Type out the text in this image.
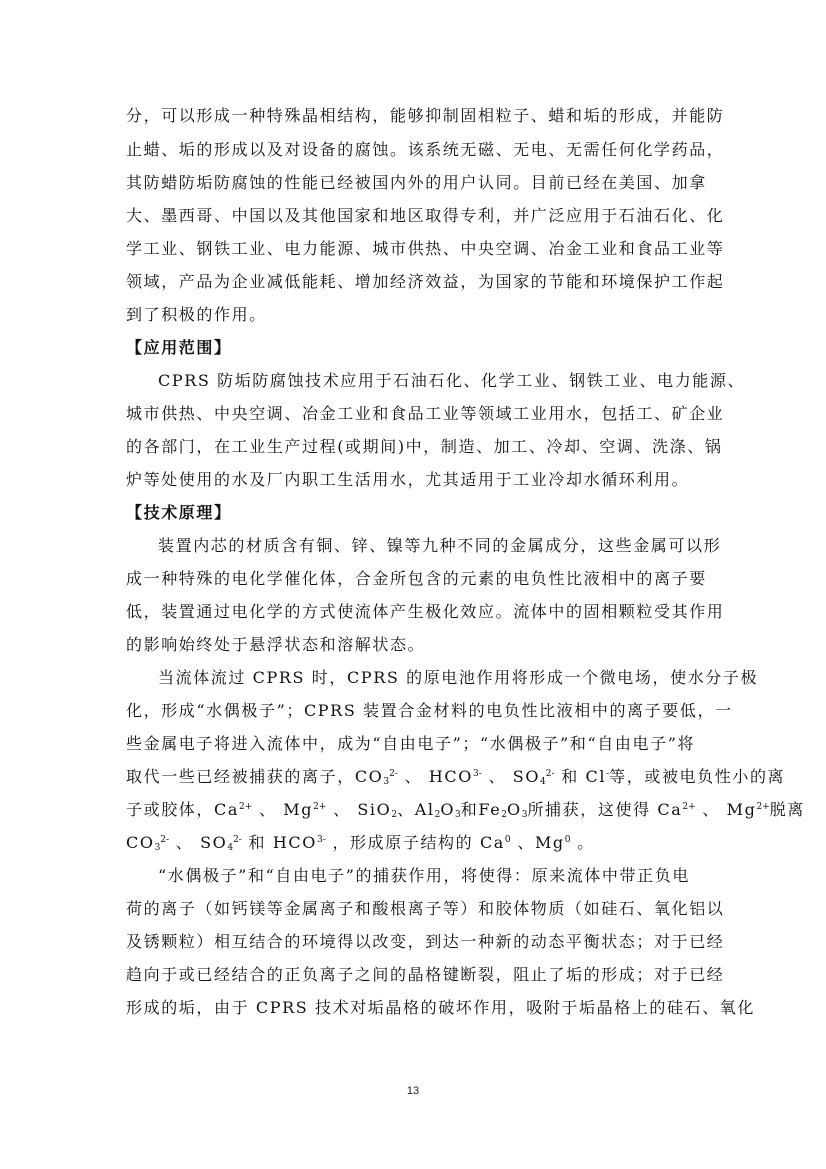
分，可以形成一种特殊晶相结构，能够抑制固相粒子、蜡和垢的形成，并能防
止蜡、垢的形成以及对设备的腐蚀。该系统无磁、无电、无需任何化学药品，
其防蜡防垢防腐蚀的性能已经被国内外的用户认同。目前已经在美国、加拿
大、墨西哥、中国以及其他国家和地区取得专利，并广泛应用于石油石化、化
学工业、钢铁工业、电力能源、城市供热、中央空调、冶金工业和食品工业等
领域，产品为企业减低能耗、增加经济效益，为国家的节能和环境保护工作起
到了积极的作用。
【应用范围】
CPRS 防垢防腐蚀技术应用于石油石化、化学工业、钢铁工业、电力能源、
城市供热、中央空调、冶金工业和食品工业等领域工业用水，包括工、矿企业
的各部门，在工业生产过程(或期间)中，制造、加工、冷却、空调、洗涤、锅
炉等处使用的水及厂内职工生活用水，尤其适用于工业冷却水循环利用。
【技术原理】
装置内芯的材质含有铜、锌、镍等九种不同的金属成分，这些金属可以形
成一种特殊的电化学催化体，合金所包含的元素的电负性比液相中的离子要
低，装置通过电化学的方式使流体产生极化效应。流体中的固相颗粒受其作用
的影响始终处于悬浮状态和溶解状态。
当流体流过 CPRS 时，CPRS 的原电池作用将形成一个微电场，使水分子极
化，形成“水偶极子”；CPRS 装置合金材料的电负性比液相中的离子要低，一
些金属电子将进入流体中，成为“自由电子”；“水偶极子”和“自由电子”将
取代一些已经被捕获的离子，$CO_3^{2-}$ 、 $HCO^{3-}$ 、 $SO_4^{2-}$ 和 Cl-等，或被电负性小的离
子或胶体，$Ca^{2+}$ 、 $Mg^{2+}$ 、 SiO$_2$、$Al_2O_3$和$Fe_2O_3$所捕获，这使得 $Ca^{2+}$ 、 $Mg^{2+}$脱离
$CO_3^{2-}$ 、 $SO_4^{2-}$ 和 $HCO^{3-}$ ，形成原子结构的 Ca$^0$ 、Mg$^0$ 。
“水偶极子”和“自由电子”的捕获作用，将使得：原来流体中带正负电
荷的离子（如钙镁等金属离子和酸根离子等）和胶体物质（如硅石、氧化铝以
及锈颗粒）相互结合的环境得以改变，到达一种新的动态平衡状态；对于已经
趋向于或已经结合的正负离子之间的晶格键断裂，阻止了垢的形成；对于已经
形成的垢，由于 CPRS 技术对垢晶格的破坏作用，吸附于垢晶格上的硅石、氧化
13
